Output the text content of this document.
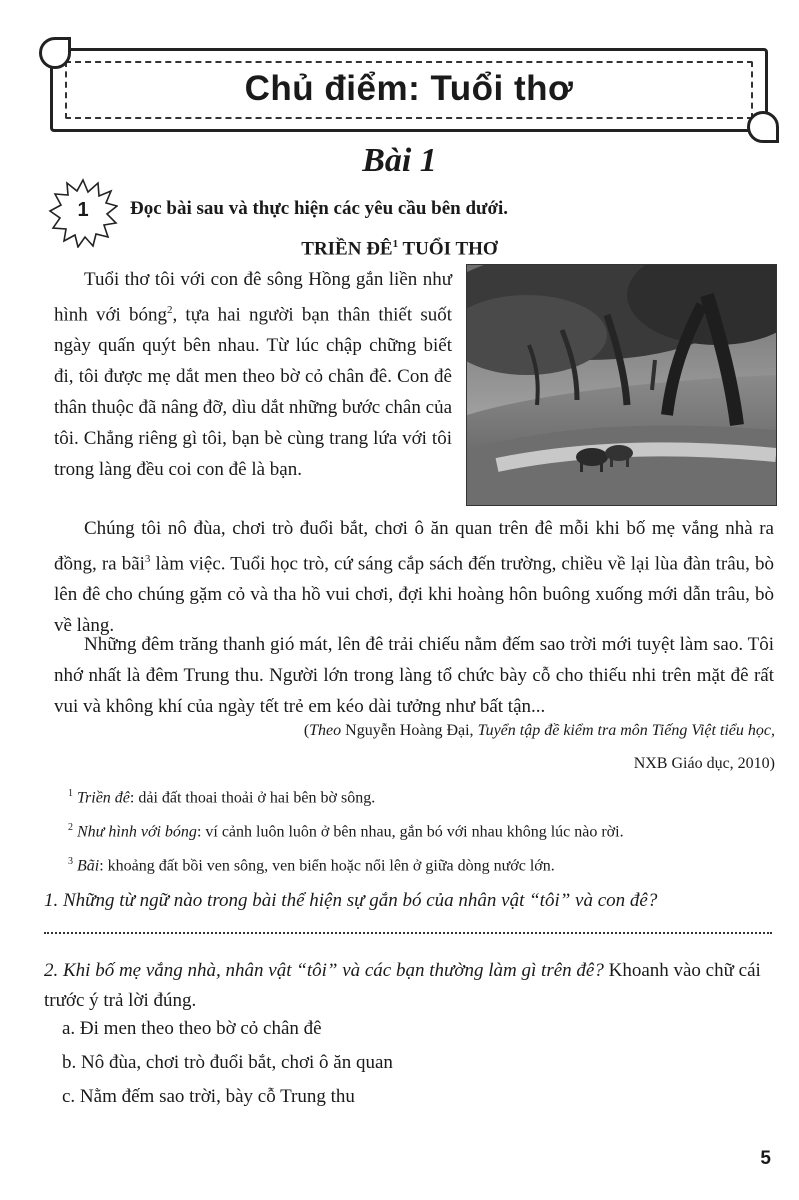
Chủ điểm: Tuổi thơ
Bài 1
1	Đọc bài sau và thực hiện các yêu cầu bên dưới.
TRIỀN $ĐÊ^1$ TUỔI THƠ
Tuổi thơ tôi với con đê sông Hồng gắn liền như hình với bóng$^2$, tựa hai người bạn thân thiết suốt ngày quấn quýt bên nhau. Từ lúc chập chững biết đi, tôi được mẹ dắt men theo bờ cỏ chân đê. Con đê thân thuộc đã nâng đỡ, dìu dắt những bước chân của tôi. Chẳng riêng gì tôi, bạn bè cùng trang lứa với tôi trong làng đều coi con đê là bạn.
Chúng tôi nô đùa, chơi trò đuổi bắt, chơi ô ăn quan trên đê mỗi khi bố mẹ vắng nhà ra đồng, ra bãi$^3$ làm việc. Tuổi học trò, cứ sáng cắp sách đến trường, chiều về lại lùa đàn trâu, bò lên đê cho chúng gặm cỏ và tha hồ vui chơi, đợi khi hoàng hôn buông xuống mới dẫn trâu, bò về làng.
Những đêm trăng thanh gió mát, lên đê trải chiếu nằm đếm sao trời mới tuyệt làm sao. Tôi nhớ nhất là đêm Trung thu. Người lớn trong làng tổ chức bày cỗ cho thiếu nhi trên mặt đê rất vui và không khí của ngày tết trẻ em kéo dài tưởng như bất tận...
(Theo Nguyễn Hoàng Đại, Tuyển tập đề kiểm tra môn Tiếng Việt tiểu học,
NXB Giáo dục, 2010)
$^1$ Triền đê: dải đất thoai thoải ở hai bên bờ sông.
$^2$ Như hình với bóng: ví cảnh luôn luôn ở bên nhau, gắn bó với nhau không lúc nào rời.
$^3$ Bãi: khoảng đất bồi ven sông, ven biển hoặc nổi lên ở giữa dòng nước lớn.
1. Những từ ngữ nào trong bài thể hiện sự gắn bó của nhân vật “tôi” và con đê?
2. Khi bố mẹ vắng nhà, nhân vật “tôi” và các bạn thường làm gì trên đê? Khoanh vào chữ cái trước ý trả lời đúng.
a. Đi men theo theo bờ cỏ chân đê
b. Nô đùa, chơi trò đuổi bắt, chơi ô ăn quan
c. Nằm đếm sao trời, bày cỗ Trung thu
5
